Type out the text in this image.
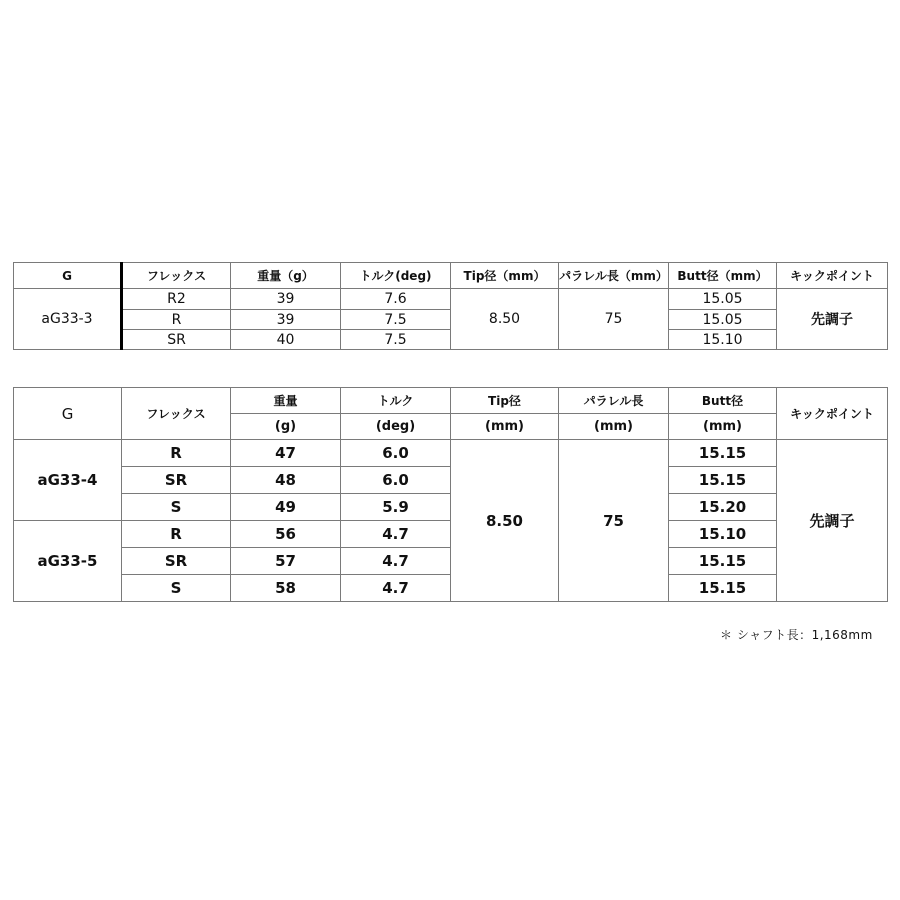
G	フレックス	重量（g）	トルク(deg)	Tip径（mm）	パラレル長（mm）	Butt径（mm）	キックポイント
aG33-3	R2	39	7.6	8.50	75	15.05	先調子
	R	39	7.5			15.05	
	SR	40	7.5			15.10	
G	フレックス	重量	トルク	Tip径	パラレル長	Butt径	キックポイント
		(g)	(deg)	(mm)	(mm)	(mm)	
aG33-4	R	47	6.0	8.50	75	15.15	先調子
	SR	48	6.0			15.15	
	S	49	5.9			15.20	
aG33-5	R	56	4.7			15.10	
	SR	57	4.7			15.15	
	S	58	4.7			15.15	
＊ シャフト長：1,168mm
